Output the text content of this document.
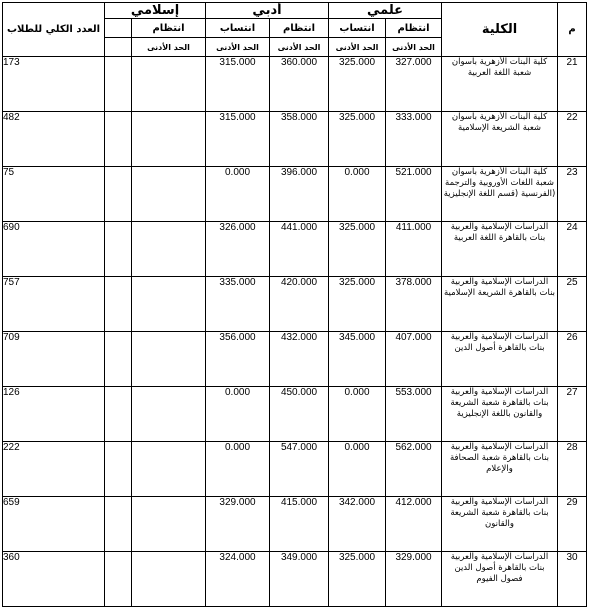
م	الكلية	علمي		أدبي		إسلامي		العدد الكلي للطلاب
		انتظام	انتساب	انتظام	انتساب	انتظام		
		الحد الأدنى	الحد الأدنى	الحد الأدنى	الحد الأدنى	الحد الأدنى		
21	كلية البنات الأزهرية بأسوان
شعبة اللغة العربية	327.000	325.000	360.000	315.000			173
22	كلية البنات الأزهرية بأسوان
شعبة الشريعة الإسلامية	333.000	325.000	358.000	315.000			482
23	كلية البنات الأزهرية بأسوان
شعبة اللغات الأوروبية والترجمة
(الفرنسية (قسم اللغة الإنجليزية	521.000	0.000	396.000	0.000			75
24	الدراسات الإسلامية والعربية
بنات بالقاهرة اللغة العربية	411.000	325.000	441.000	326.000			690
25	الدراسات الإسلامية والعربية
بنات بالقاهرة الشريعة الإسلامية	378.000	325.000	420.000	335.000			757
26	الدراسات الإسلامية والعربية
بنات بالقاهرة أصول الدين	407.000	345.000	432.000	356.000			709
27	الدراسات الإسلامية والعربية
بنات بالقاهرة شعبة الشريعة
والقانون باللغة الإنجليزية	553.000	0.000	450.000	0.000			126
28	الدراسات الإسلامية والعربية
بنات بالقاهرة شعبة الصحافة
والإعلام	562.000	0.000	547.000	0.000			222
29	الدراسات الإسلامية والعربية
بنات بالقاهرة شعبة الشريعة
والقانون	412.000	342.000	415.000	329.000			659
30	الدراسات الإسلامية والعربية
بنات بالقاهرة أصول الدين
فصول الفيوم	329.000	325.000	349.000	324.000			360
